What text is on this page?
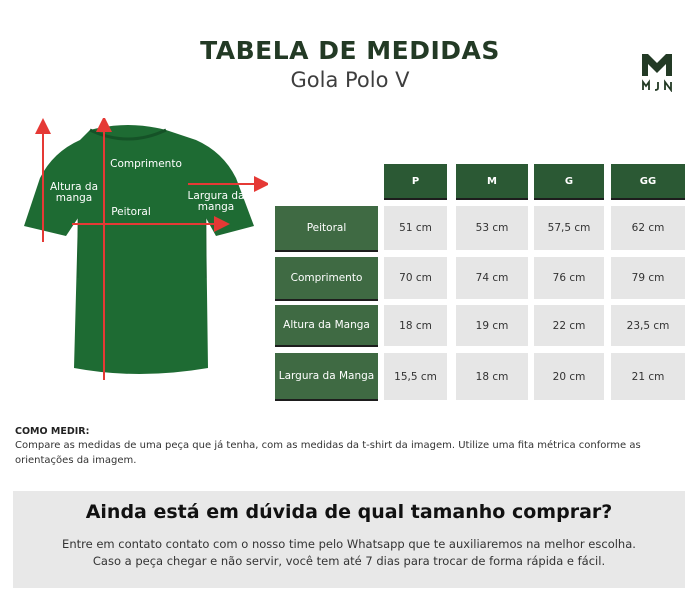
TABELA DE MEDIDAS
Gola Polo V
Comprimento
Altura da manga
Peitoral
Largura da manga
P	M	G	GG
Peitoral	51 cm	53 cm	57,5 cm	62 cm
Comprimento	70 cm	74 cm	76 cm	79 cm
Altura da Manga	18 cm	19 cm	22 cm	23,5 cm
Largura da Manga	15,5 cm	18 cm	20 cm	21 cm
COMO MEDIR:
Compare as medidas de uma peça que já tenha, com as medidas da t-shirt da imagem. Utilize uma fita métrica conforme as orientações da imagem.
Ainda está em dúvida de qual tamanho comprar?
Entre em contato contato com o nosso time pelo Whatsapp que te auxiliaremos na melhor escolha.
Caso a peça chegar e não servir, você tem até 7 dias para trocar de forma rápida e fácil.
